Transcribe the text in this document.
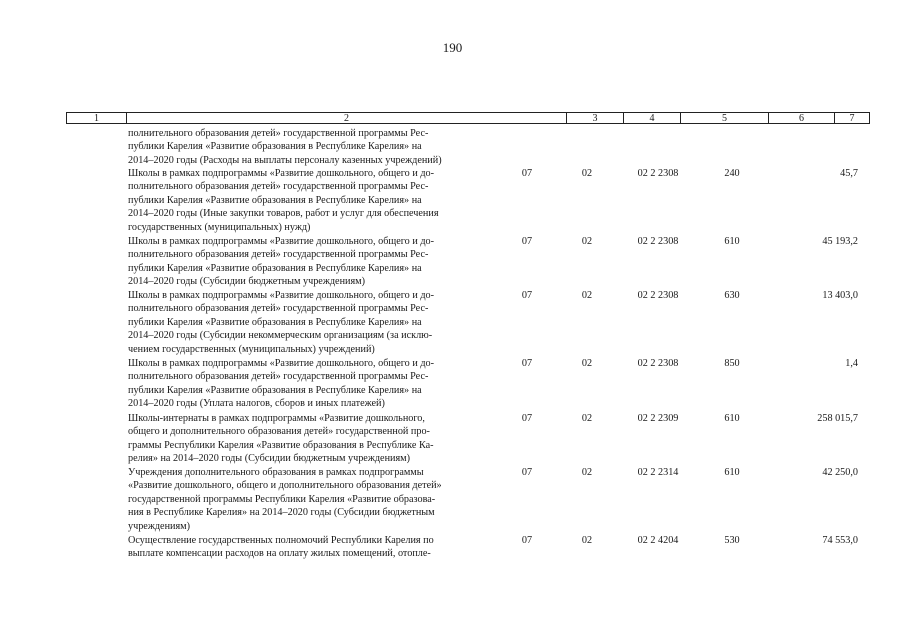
190
1	2	3	4	5	6	7
полнительного образования детей» государственной программы Рес-
публики Карелия «Развитие образования в Республике Карелия» на
2014–2020 годы (Расходы на выплаты персоналу казенных учреждений)
Школы в рамках подпрограммы «Развитие дошкольного, общего и до-
полнительного образования детей» государственной программы Рес-
публики Карелия «Развитие образования в Республике Карелия» на
2014–2020 годы (Иные закупки товаров, работ и услуг для обеспечения
государственных (муниципальных) нужд)
07	02	02 2 2308	240	45,7
Школы в рамках подпрограммы «Развитие дошкольного, общего и до-
полнительного образования детей» государственной программы Рес-
публики Карелия «Развитие образования в Республике Карелия» на
2014–2020 годы (Субсидии бюджетным учреждениям)
07	02	02 2 2308	610	45 193,2
Школы в рамках подпрограммы «Развитие дошкольного, общего и до-
полнительного образования детей» государственной программы Рес-
публики Карелия «Развитие образования в Республике Карелия» на
2014–2020 годы (Субсидии некоммерческим организациям (за исклю-
чением государственных (муниципальных) учреждений)
07	02	02 2 2308	630	13 403,0
Школы в рамках подпрограммы «Развитие дошкольного, общего и до-
полнительного образования детей» государственной программы Рес-
публики Карелия «Развитие образования в Республике Карелия» на
2014–2020 годы (Уплата налогов, сборов и иных платежей)
07	02	02 2 2308	850	1,4
Школы-интернаты в рамках подпрограммы «Развитие дошкольного,
общего и дополнительного образования детей» государственной про-
граммы Республики Карелия «Развитие образования в Республике Ка-
релия» на 2014–2020 годы (Субсидии бюджетным учреждениям)
07	02	02 2 2309	610	258 015,7
Учреждения дополнительного образования в рамках подпрограммы
«Развитие дошкольного, общего и дополнительного образования детей»
государственной программы Республики Карелия «Развитие образова-
ния в Республике Карелия» на 2014–2020 годы (Субсидии бюджетным
учреждениям)
07	02	02 2 2314	610	42 250,0
Осуществление государственных полномочий Республики Карелия по
выплате компенсации расходов на оплату жилых помещений, отопле-
07	02	02 2 4204	530	74 553,0
